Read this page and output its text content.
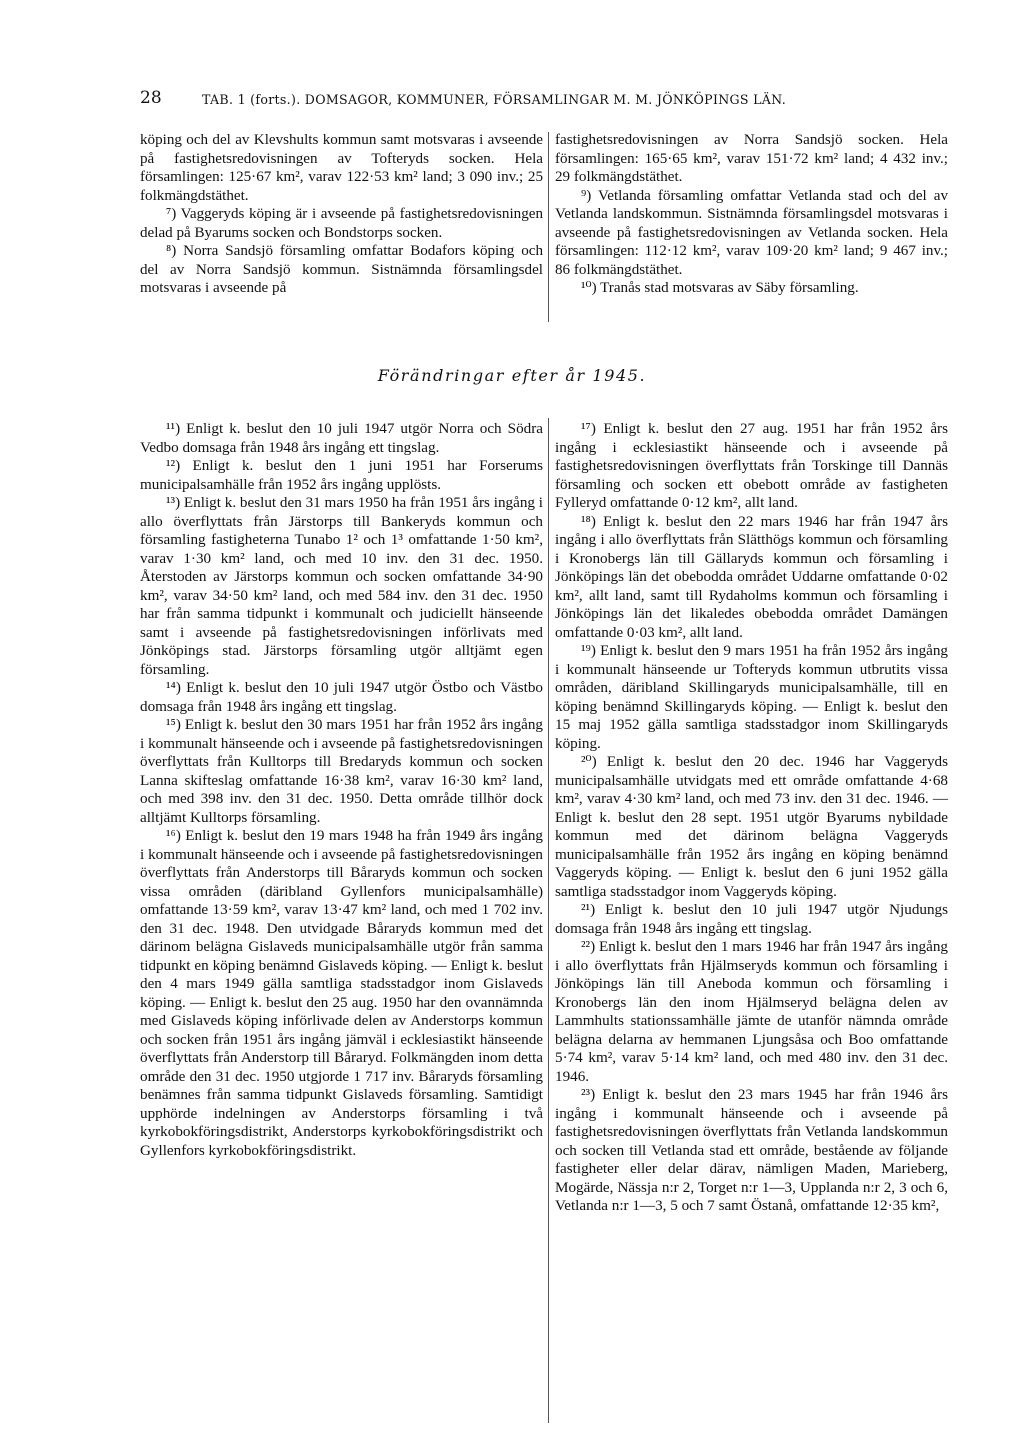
28	TAB. 1 (forts.). DOMSAGOR, KOMMUNER, FÖRSAMLINGAR M. M. JÖNKÖPINGS LÄN.

köping och del av Klevshults kommun samt motsvaras i avseende på fastighetsredovisningen av Tofteryds socken. Hela församlingen: 125·67 km², varav 122·53 km² land; 3 090 inv.; 25 folkmängdstäthet.

⁷) Vaggeryds köping är i avseende på fastighetsredovisningen delad på Byarums socken och Bondstorps socken.

⁸) Norra Sandsjö församling omfattar Bodafors köping och del av Norra Sandsjö kommun. Sistnämnda församlingsdel motsvaras i avseende på

fastighetsredovisningen av Norra Sandsjö socken. Hela församlingen: 165·65 km², varav 151·72 km² land; 4 432 inv.; 29 folkmängdstäthet.

⁹) Vetlanda församling omfattar Vetlanda stad och del av Vetlanda landskommun. Sistnämnda församlingsdel motsvaras i avseende på fastighetsredovisningen av Vetlanda socken. Hela församlingen: 112·12 km², varav 109·20 km² land; 9 467 inv.; 86 folkmängdstäthet.

¹⁰) Tranås stad motsvaras av Säby församling.

Förändringar efter år 1945.

¹¹) Enligt k. beslut den 10 juli 1947 utgör Norra och Södra Vedbo domsaga från 1948 års ingång ett tingslag.

¹²) Enligt k. beslut den 1 juni 1951 har Forserums municipalsamhälle från 1952 års ingång upplösts.

¹³) Enligt k. beslut den 31 mars 1950 ha från 1951 års ingång i allo överflyttats från Järstorps till Bankeryds kommun och församling fastigheterna Tunabo 1² och 1³ omfattande 1·50 km², varav 1·30 km² land, och med 10 inv. den 31 dec. 1950. Återstoden av Järstorps kommun och socken omfattande 34·90 km², varav 34·50 km² land, och med 584 inv. den 31 dec. 1950 har från samma tidpunkt i kommunalt och judiciellt hänseende samt i avseende på fastighetsredovisningen införlivats med Jönköpings stad. Järstorps församling utgör alltjämt egen församling.

¹⁴) Enligt k. beslut den 10 juli 1947 utgör Östbo och Västbo domsaga från 1948 års ingång ett tingslag.

¹⁵) Enligt k. beslut den 30 mars 1951 har från 1952 års ingång i kommunalt hänseende och i avseende på fastighetsredovisningen överflyttats från Kulltorps till Bredaryds kommun och socken Lanna skifteslag omfattande 16·38 km², varav 16·30 km² land, och med 398 inv. den 31 dec. 1950. Detta område tillhör dock alltjämt Kulltorps församling.

¹⁶) Enligt k. beslut den 19 mars 1948 ha från 1949 års ingång i kommunalt hänseende och i avseende på fastighetsredovisningen överflyttats från Anderstorps till Båraryds kommun och socken vissa områden (däribland Gyllenfors municipalsamhälle) omfattande 13·59 km², varav 13·47 km² land, och med 1 702 inv. den 31 dec. 1948. Den utvidgade Båraryds kommun med det därinom belägna Gislaveds municipalsamhälle utgör från samma tidpunkt en köping benämnd Gislaveds köping. — Enligt k. beslut den 4 mars 1949 gälla samtliga stadsstadgor inom Gislaveds köping. — Enligt k. beslut den 25 aug. 1950 har den ovannämnda med Gislaveds köping införlivade delen av Anderstorps kommun och socken från 1951 års ingång jämväl i ecklesiastikt hänseende överflyttats från Anderstorp till Båraryd. Folkmängden inom detta område den 31 dec. 1950 utgjorde 1 717 inv. Båraryds församling benämnes från samma tidpunkt Gislaveds församling. Samtidigt upphörde indelningen av Anderstorps församling i två kyrkobokföringsdistrikt, Anderstorps kyrkobokföringsdistrikt och Gyllenfors kyrkobokföringsdistrikt.

¹⁷) Enligt k. beslut den 27 aug. 1951 har från 1952 års ingång i ecklesiastikt hänseende och i avseende på fastighetsredovisningen överflyttats från Torskinge till Dannäs församling och socken ett obebott område av fastigheten Fylleryd omfattande 0·12 km², allt land.

¹⁸) Enligt k. beslut den 22 mars 1946 har från 1947 års ingång i allo överflyttats från Slätthögs kommun och församling i Kronobergs län till Gällaryds kommun och församling i Jönköpings län det obebodda området Uddarne omfattande 0·02 km², allt land, samt till Rydaholms kommun och församling i Jönköpings län det likaledes obebodda området Damängen omfattande 0·03 km², allt land.

¹⁹) Enligt k. beslut den 9 mars 1951 ha från 1952 års ingång i kommunalt hänseende ur Tofteryds kommun utbrutits vissa områden, däribland Skillingaryds municipalsamhälle, till en köping benämnd Skillingaryds köping. — Enligt k. beslut den 15 maj 1952 gälla samtliga stadsstadgor inom Skillingaryds köping.

²⁰) Enligt k. beslut den 20 dec. 1946 har Vaggeryds municipalsamhälle utvidgats med ett område omfattande 4·68 km², varav 4·30 km² land, och med 73 inv. den 31 dec. 1946. — Enligt k. beslut den 28 sept. 1951 utgör Byarums nybildade kommun med det därinom belägna Vaggeryds municipalsamhälle från 1952 års ingång en köping benämnd Vaggeryds köping. — Enligt k. beslut den 6 juni 1952 gälla samtliga stadsstadgor inom Vaggeryds köping.

²¹) Enligt k. beslut den 10 juli 1947 utgör Njudungs domsaga från 1948 års ingång ett tingslag.

²²) Enligt k. beslut den 1 mars 1946 har från 1947 års ingång i allo överflyttats från Hjälmseryds kommun och församling i Jönköpings län till Aneboda kommun och församling i Kronobergs län den inom Hjälmseryd belägna delen av Lammhults stationssamhälle jämte de utanför nämnda område belägna delarna av hemmanen Ljungsåsa och Boo omfattande 5·74 km², varav 5·14 km² land, och med 480 inv. den 31 dec. 1946.

²³) Enligt k. beslut den 23 mars 1945 har från 1946 års ingång i kommunalt hänseende och i avseende på fastighetsredovisningen överflyttats från Vetlanda landskommun och socken till Vetlanda stad ett område, bestående av följande fastigheter eller delar därav, nämligen Maden, Marieberg, Mogärde, Nässja n:r 2, Torget n:r 1—3, Upplanda n:r 2, 3 och 6, Vetlanda n:r 1—3, 5 och 7 samt Östanå, omfattande 12·35 km²,
